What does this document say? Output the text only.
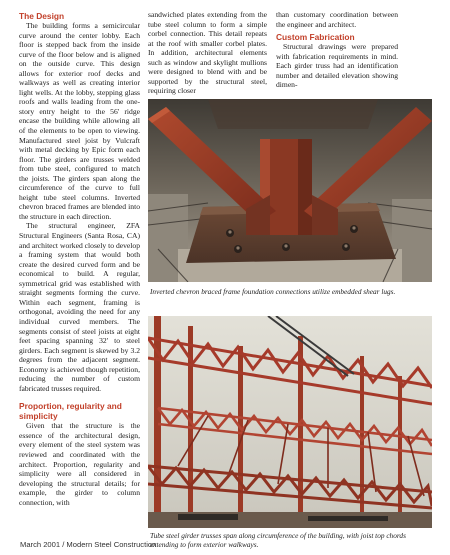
The Design

The building forms a semicircular curve around the center lobby. Each floor is stepped back from the inside curve of the floor below and is aligned on the outside curve. This design allows for exterior roof decks and walkways as well as creating interior light wells. At the lobby, stepping glass roofs and walls leading from the one-story entry height to the 56' ridge encase the building while allowing all of the elements to be open to viewing. Manufactured steel joist by Vulcraft with metal decking by Epic form each floor. The girders are trusses welded from tube steel, configured to match the joists. The girders span along the circumference of the curve to full height tube steel columns. Inverted chevron braced frames are blended into the structure in each direction.

The structural engineer, ZFA Structural Engineers (Santa Rosa, CA) and architect worked closely to develop a framing system that would both create the desired curved form and be economical to build. A regular, symmetrical grid was established with straight segments forming the curve. Within each segment, framing is orthogonal, avoiding the need for any individual curved members. The segments consist of steel joists at eight feet spacing spanning 32' to steel girders. Each segment is skewed by 3.2 degrees from the adjacent segment. Economy is achieved though repetition, reducing the number of custom fabricated trusses required.

Proportion, regularity and simplicity

Given that the structure is the essence of the architectural design, every element of the steel system was reviewed and coordinated with the architect. Proportion, regularity and simplicity were all considered in developing the structural details; for example, the girder to column connection, with

sandwiched plates extending from the tube steel column to form a simple corbel connection. This detail repeats at the roof with smaller corbel plates. In addition, architectural elements such as window and skylight mullions were designed to blend with and be supported by the structural steel, requiring closer

than customary coordination between the engineer and architect.

Custom Fabrication

Structural drawings were prepared with fabrication requirements in mind. Each girder truss had an identification number and detailed elevation showing dimen-

Inverted chevron braced frame foundation connections utilize embedded shear lugs.
Tube steel girder trusses span along circumference of the building, with joist top chords extending to form exterior walkways.
March 2001 / Modern Steel Construction
